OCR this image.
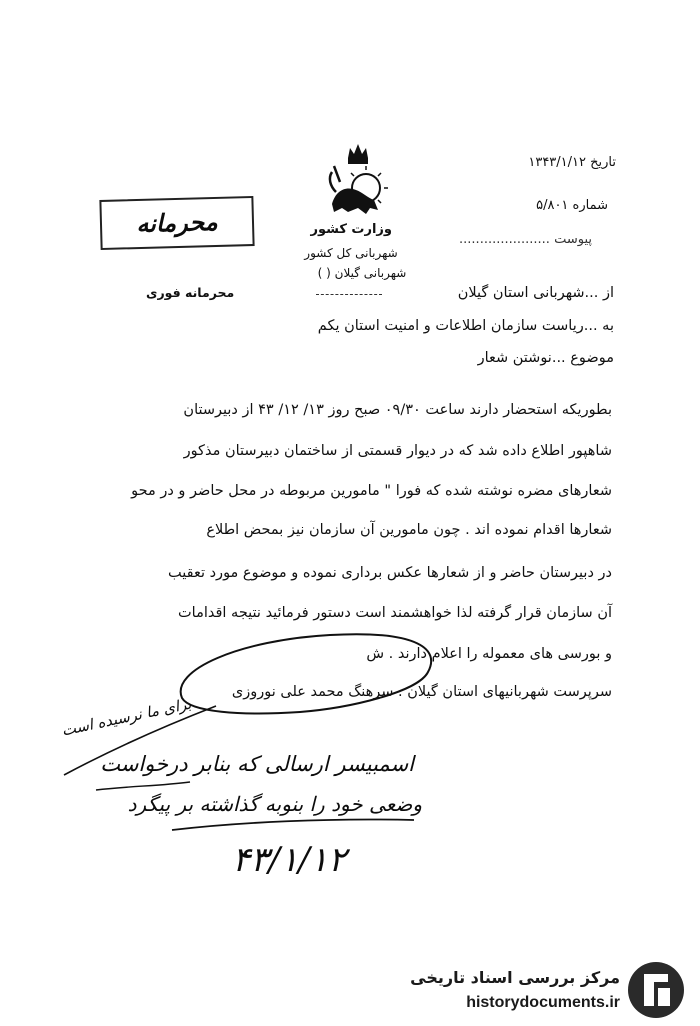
تاریخ ۱۳۴۳/۱/۱۲
شماره ۵/۸۰۱
پیوست ......................
وزارت کشور
شهربانی کل کشور
شهربانی گیلان ( )
محرمانه
محرمانه فوری	از ...شهربانی استان گیلان
به ...ریاست سازمان اطلاعات و امنیت استان یکم
موضوع ...نوشتن شعار
بطوریکه استحضار دارند ساعت ۰۹/۳۰ صبح روز ۱۳/ ۱۲/ ۴۳ از دبیرستان
شاهپور اطلاع داده شد که در دیوار قسمتی از ساختمان دبیرستان مذکور
شعارهای مضره نوشته شده که فورا " مامورین مربوطه در محل حاضر و در محو
شعارها اقدام نموده اند . چون مامورین آن سازمان نیز بمحض اطلاع
در دبیرستان حاضر و از شعارها عکس برداری نموده و موضوع مورد تعقیب
آن سازمان قرار گرفته لذا خواهشمند است دستور فرمائید نتیجه اقدامات
و بورسی های معموله را اعلام دارند . ش
سرپرست شهربانیهای استان گیلان . سرهنگ محمد علی نوروزی
اسمبیسر ارسالی که بنابر درخواست
وضعی خود را بنوبه گذاشته بر پیگرد
برای ما نرسیده است
۴۳/۱/۱۲
مرکز بررسی اسناد تاریخی
historydocuments.ir
